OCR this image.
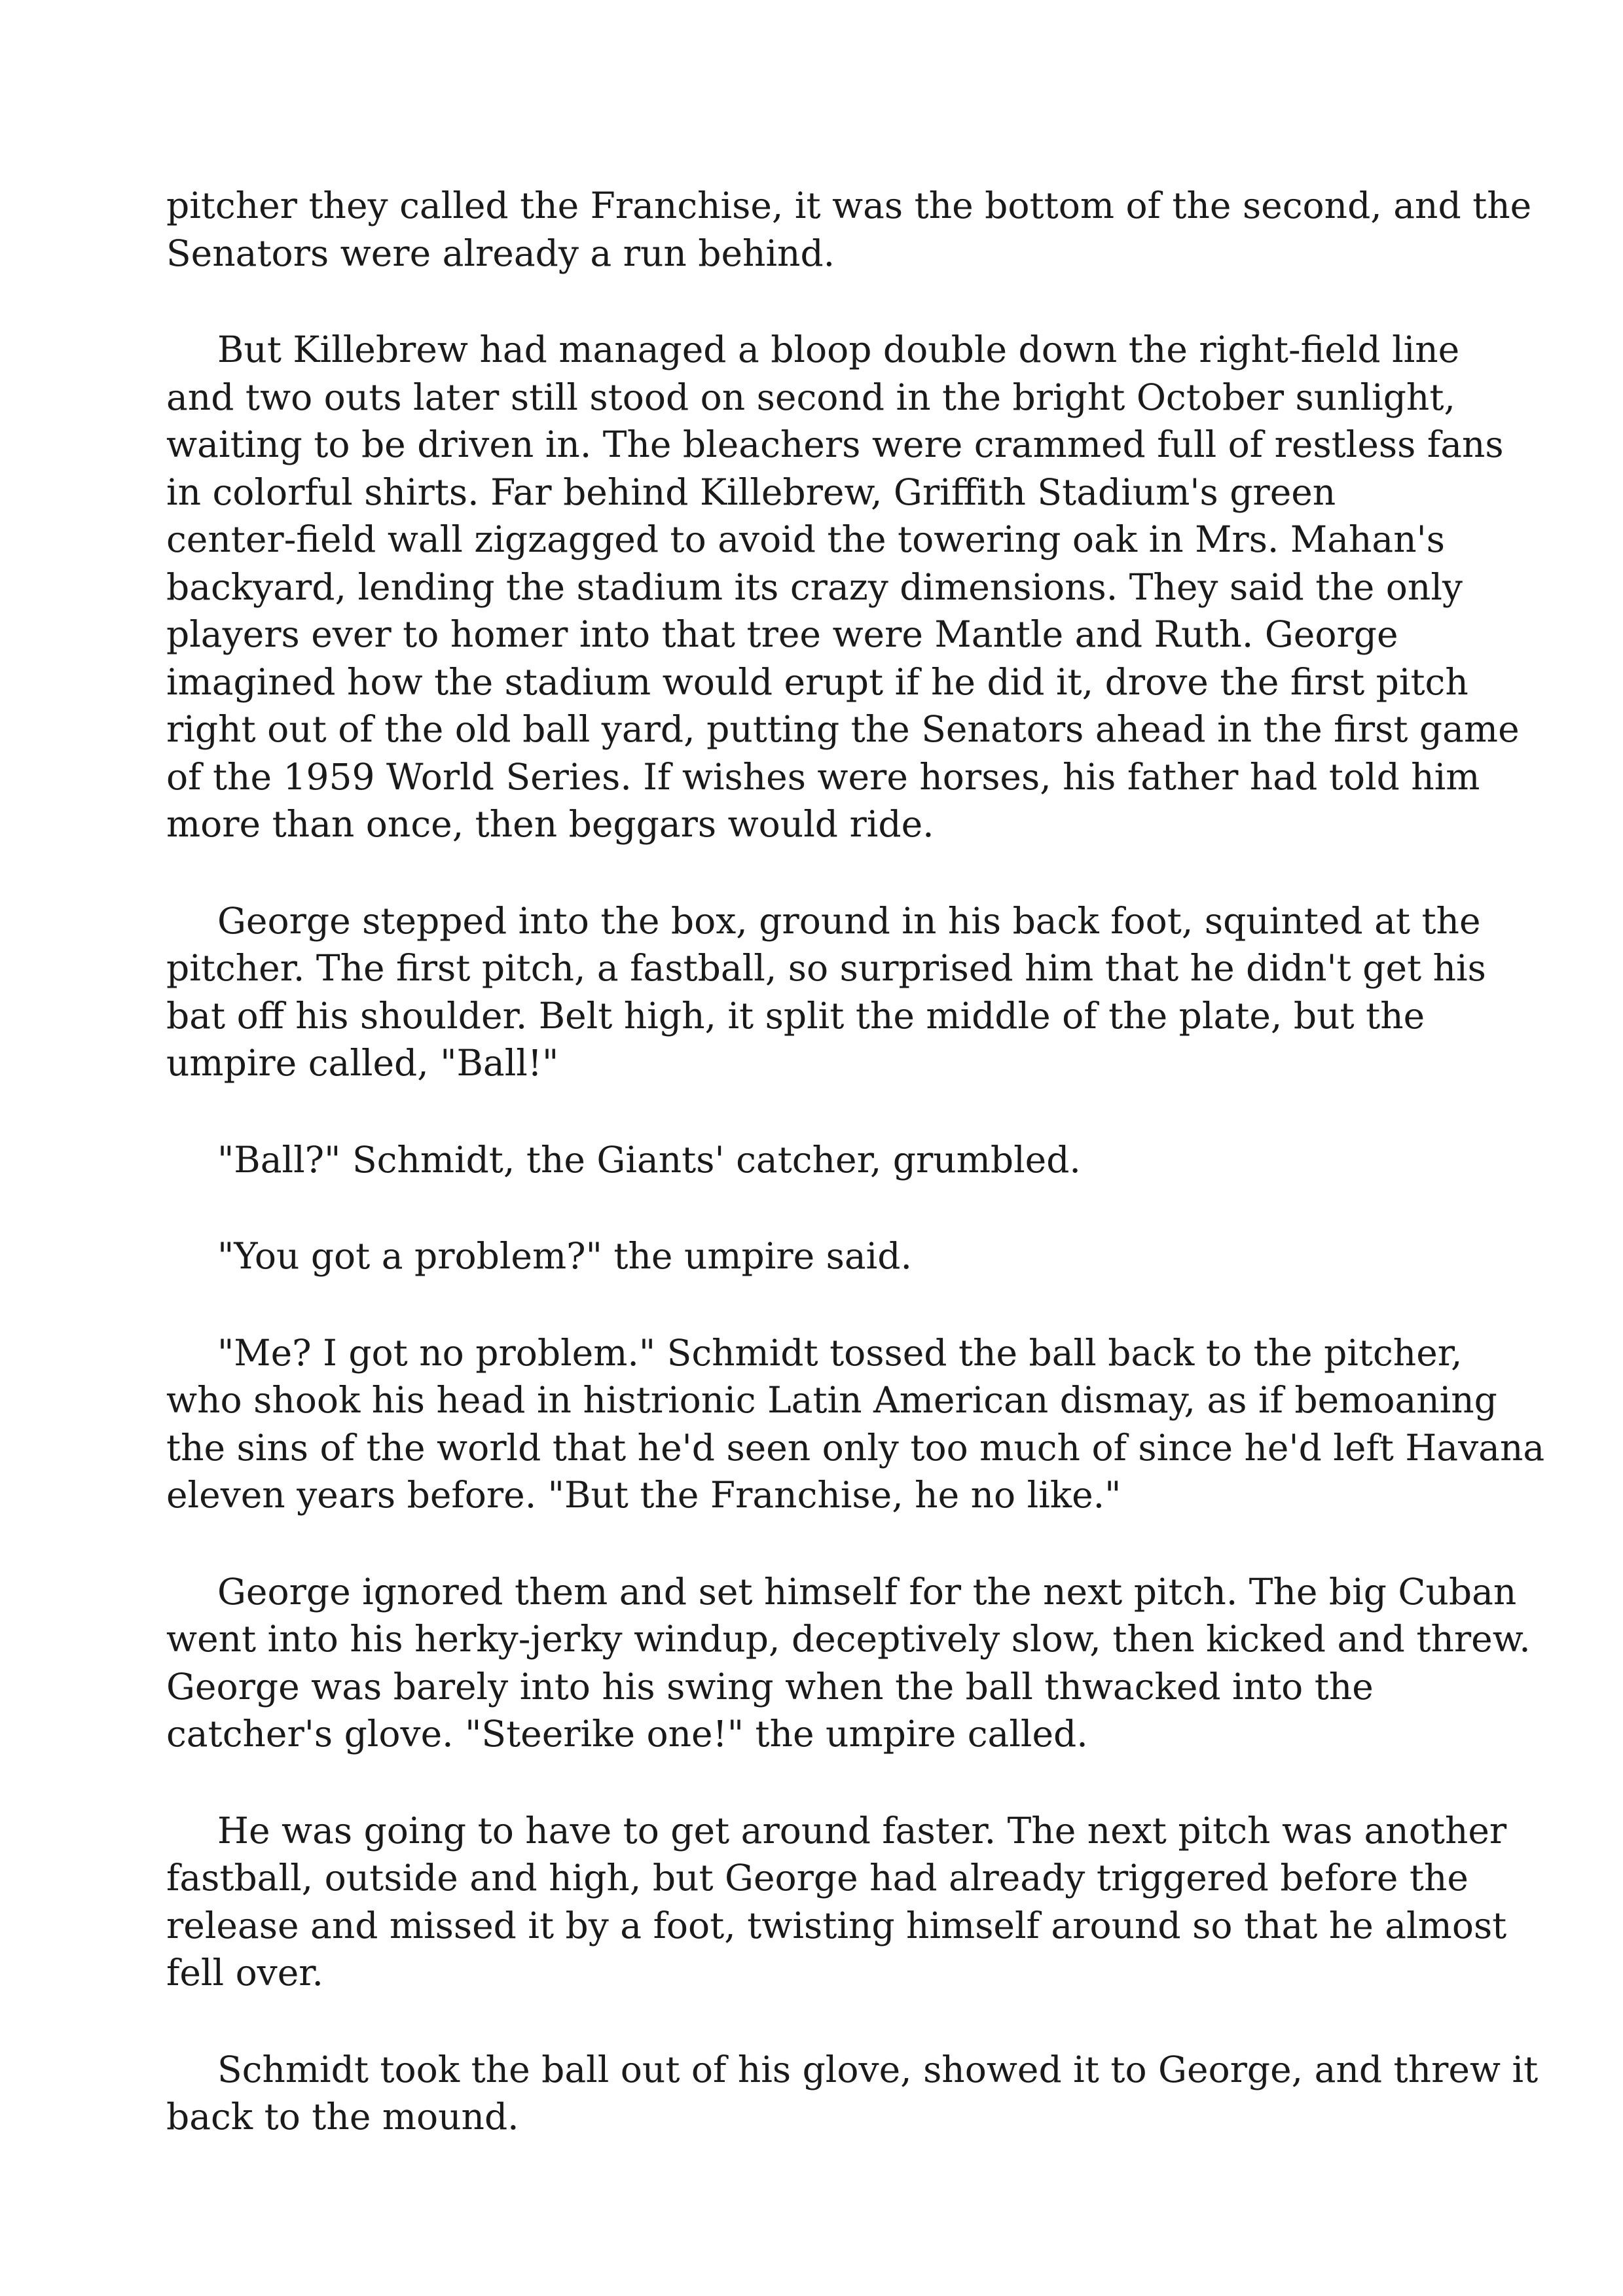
pitcher they called the Franchise, it was the bottom of the second, and the
Senators were already a run behind.

But Killebrew had managed a bloop double down the right-field line
and two outs later still stood on second in the bright October sunlight,
waiting to be driven in. The bleachers were crammed full of restless fans
in colorful shirts. Far behind Killebrew, Griffith Stadium's green
center-field wall zigzagged to avoid the towering oak in Mrs. Mahan's
backyard, lending the stadium its crazy dimensions. They said the only
players ever to homer into that tree were Mantle and Ruth. George
imagined how the stadium would erupt if he did it, drove the first pitch
right out of the old ball yard, putting the Senators ahead in the first game
of the 1959 World Series. If wishes were horses, his father had told him
more than once, then beggars would ride.

George stepped into the box, ground in his back foot, squinted at the
pitcher. The first pitch, a fastball, so surprised him that he didn't get his
bat off his shoulder. Belt high, it split the middle of the plate, but the
umpire called, "Ball!"

"Ball?" Schmidt, the Giants' catcher, grumbled.

"You got a problem?" the umpire said.

"Me? I got no problem." Schmidt tossed the ball back to the pitcher,
who shook his head in histrionic Latin American dismay, as if bemoaning
the sins of the world that he'd seen only too much of since he'd left Havana
eleven years before. "But the Franchise, he no like."

George ignored them and set himself for the next pitch. The big Cuban
went into his herky-jerky windup, deceptively slow, then kicked and threw.
George was barely into his swing when the ball thwacked into the
catcher's glove. "Steerike one!" the umpire called.

He was going to have to get around faster. The next pitch was another
fastball, outside and high, but George had already triggered before the
release and missed it by a foot, twisting himself around so that he almost
fell over.

Schmidt took the ball out of his glove, showed it to George, and threw it
back to the mound.
